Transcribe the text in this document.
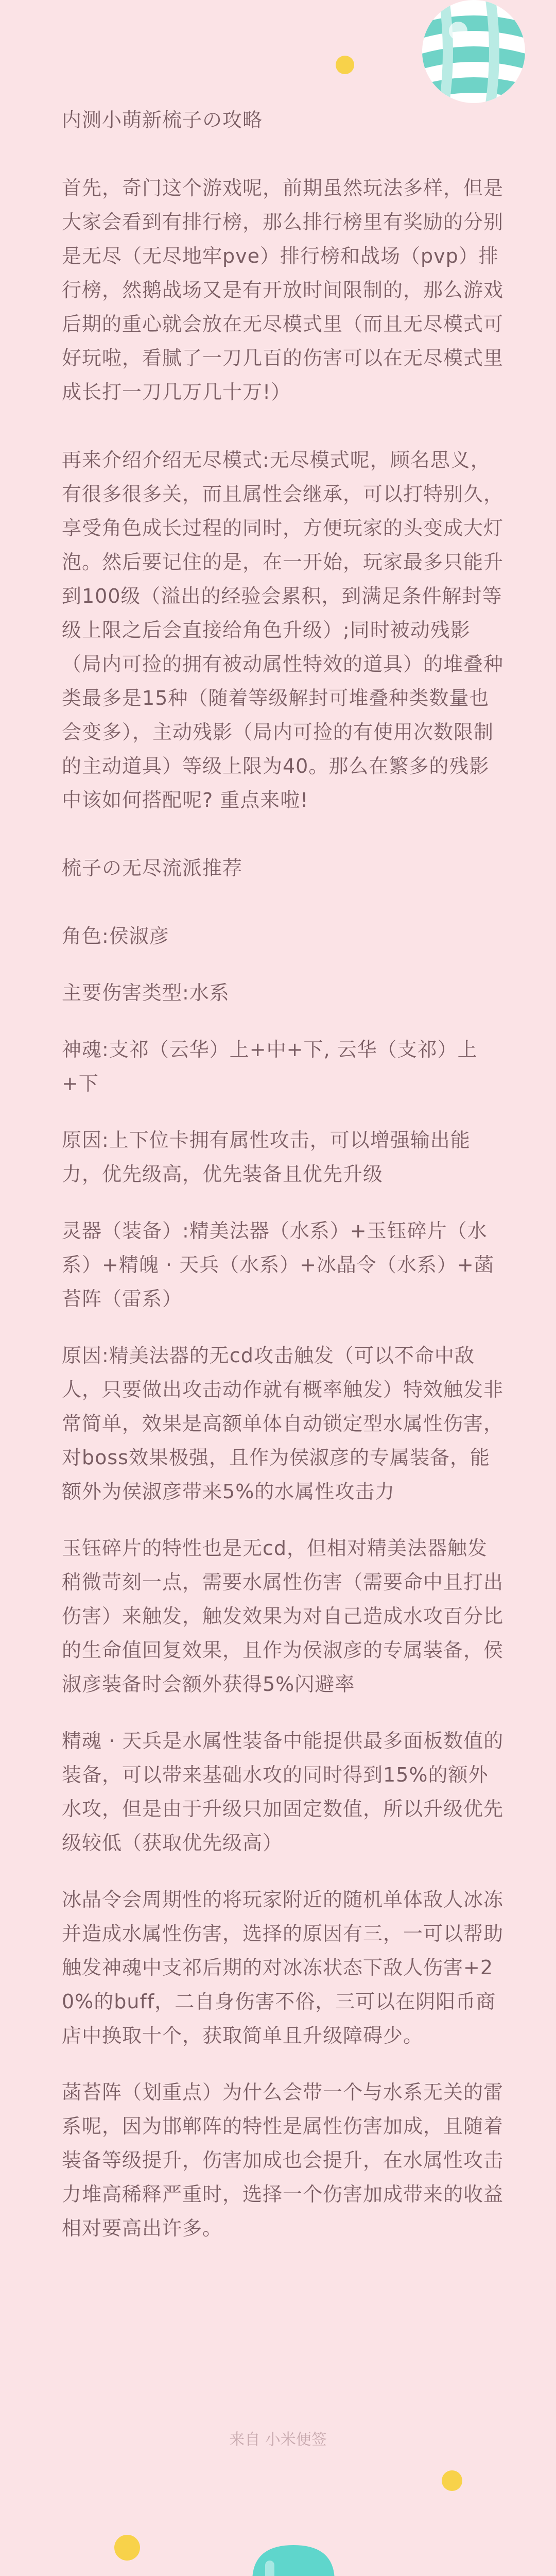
内测小萌新梳子の攻略

首先，奇门这个游戏呢，前期虽然玩法多样，但是大家会看到有排行榜，那么排行榜里有奖励的分别是无尽（无尽地牢pve）排行榜和战场（pvp）排行榜，然鹅战场又是有开放时间限制的，那么游戏后期的重心就会放在无尽模式里（而且无尽模式可好玩啦，看腻了一刀几百的伤害可以在无尽模式里成长打一刀几万几十万!）

再来介绍介绍无尽模式:无尽模式呢，顾名思义，有很多很多关，而且属性会继承，可以打特别久，享受角色成长过程的同时，方便玩家的头变成大灯泡。然后要记住的是，在一开始，玩家最多只能升到100级（溢出的经验会累积，到满足条件解封等级上限之后会直接给角色升级）;同时被动残影（局内可捡的拥有被动属性特效的道具）的堆叠种类最多是15种（随着等级解封可堆叠种类数量也会变多），主动残影（局内可捡的有使用次数限制的主动道具）等级上限为40。那么在繁多的残影中该如何搭配呢? 重点来啦!

梳子の无尽流派推荐

角色:侯淑彦

主要伤害类型:水系

神魂:支祁（云华）上+中+下, 云华（支祁）上+下

原因:上下位卡拥有属性攻击，可以增强输出能力，优先级高，优先装备且优先升级

灵器（装备）:精美法器（水系）+玉钰碎片（水系）+精魄 · 天兵（水系）+冰晶令（水系）+菡苔阵（雷系）

原因:精美法器的无cd攻击触发（可以不命中敌人，只要做出攻击动作就有概率触发）特效触发非常简单，效果是高额单体自动锁定型水属性伤害，对boss效果极强，且作为侯淑彦的专属装备，能额外为侯淑彦带来5%的水属性攻击力

玉钰碎片的特性也是无cd，但相对精美法器触发稍微苛刻一点，需要水属性伤害（需要命中且打出伤害）来触发，触发效果为对自己造成水攻百分比的生命值回复效果，且作为侯淑彦的专属装备，侯淑彦装备时会额外获得5%闪避率

精魂 · 天兵是水属性装备中能提供最多面板数值的装备，可以带来基础水攻的同时得到15%的额外水攻，但是由于升级只加固定数值，所以升级优先级较低（获取优先级高）

冰晶令会周期性的将玩家附近的随机单体敌人冰冻并造成水属性伤害，选择的原因有三，一可以帮助触发神魂中支祁后期的对冰冻状态下敌人伤害+20%的buff，二自身伤害不俗，三可以在阴阳币商店中换取十个，获取简单且升级障碍少。

菡苔阵（划重点）为什么会带一个与水系无关的雷系呢，因为邯郸阵的特性是属性伤害加成，且随着装备等级提升，伤害加成也会提升，在水属性攻击力堆高稀释严重时，选择一个伤害加成带来的收益相对要高出许多。

来自 小米便签
